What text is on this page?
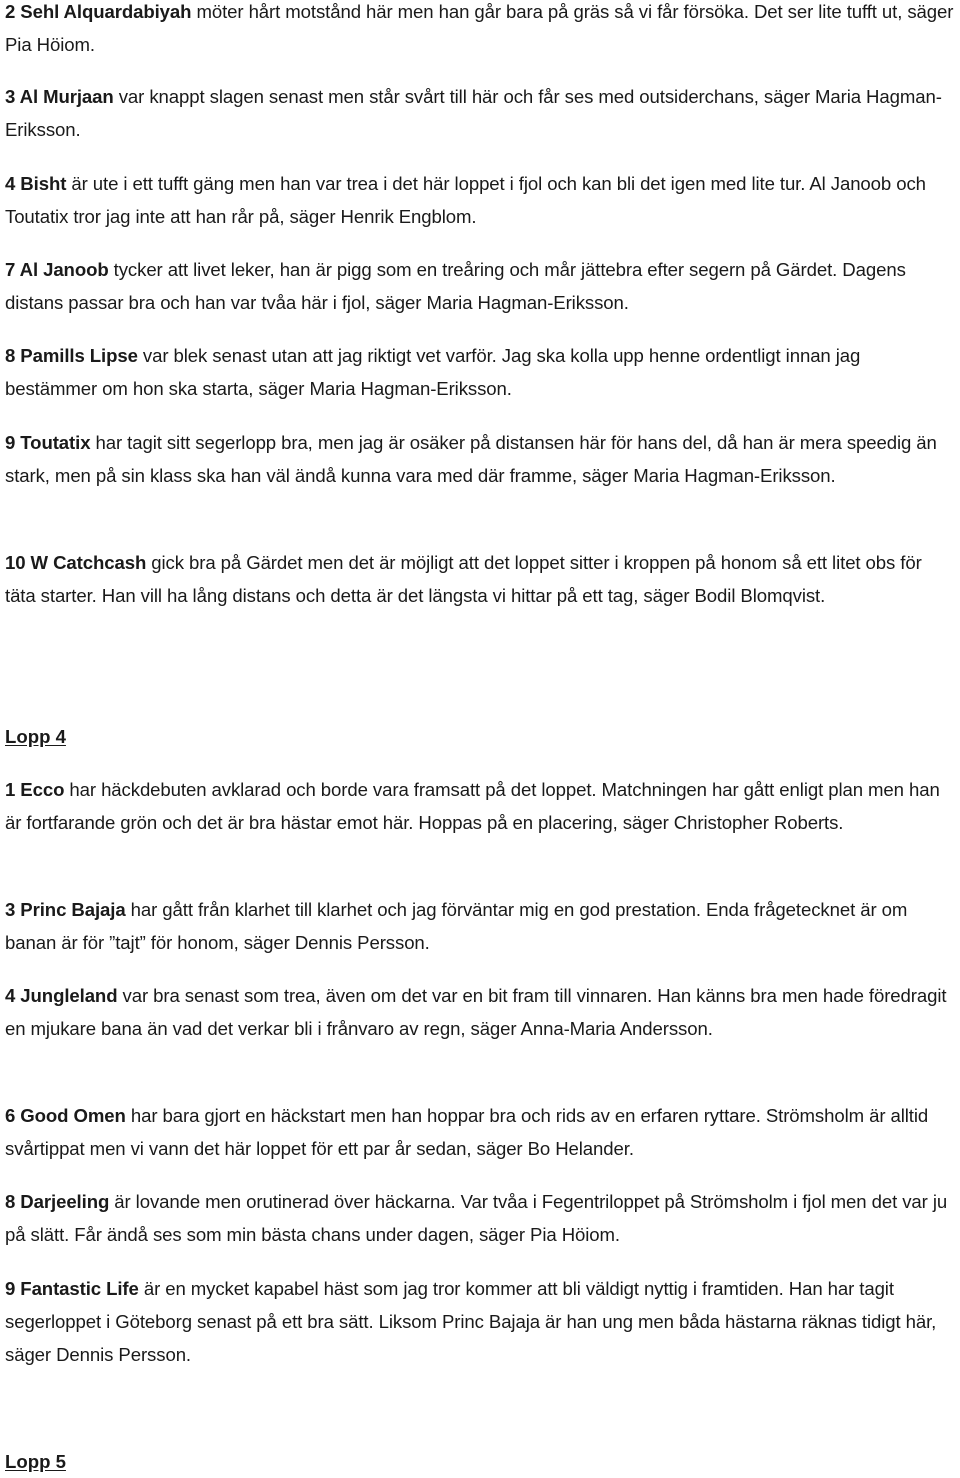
2 Sehl Alquardabiyah möter hårt motstånd här men han går bara på gräs så vi får försöka. Det ser lite tufft ut, säger Pia Höiom.

3 Al Murjaan var knappt slagen senast men står svårt till här och får ses med outsiderchans, säger Maria Hagman-Eriksson.

4 Bisht är ute i ett tufft gäng men han var trea i det här loppet i fjol och kan bli det igen med lite tur. Al Janoob och Toutatix tror jag inte att han rår på, säger Henrik Engblom.

7 Al Janoob tycker att livet leker, han är pigg som en treåring och mår jättebra efter segern på Gärdet. Dagens distans passar bra och han var tvåa här i fjol, säger Maria Hagman-Eriksson.

8 Pamills Lipse var blek senast utan att jag riktigt vet varför. Jag ska kolla upp henne ordentligt innan jag bestämmer om hon ska starta, säger Maria Hagman-Eriksson.

9 Toutatix har tagit sitt segerlopp bra, men jag är osäker på distansen här för hans del, då han är mera speedig än stark, men på sin klass ska han väl ändå kunna vara med där framme, säger Maria Hagman-Eriksson.

10 W Catchcash gick bra på Gärdet men det är möjligt att det loppet sitter i kroppen på honom så ett litet obs för täta starter. Han vill ha lång distans och detta är det längsta vi hittar på ett tag, säger Bodil Blomqvist.

Lopp 4

1 Ecco har häckdebuten avklarad och borde vara framsatt på det loppet. Matchningen har gått enligt plan men han är fortfarande grön och det är bra hästar emot här. Hoppas på en placering, säger Christopher Roberts.

3 Princ Bajaja har gått från klarhet till klarhet och jag förväntar mig en god prestation. Enda frågetecknet är om banan är för ”tajt” för honom, säger Dennis Persson.

4 Jungleland var bra senast som trea, även om det var en bit fram till vinnaren. Han känns bra men hade föredragit en mjukare bana än vad det verkar bli i frånvaro av regn, säger Anna-Maria Andersson.

6 Good Omen har bara gjort en häckstart men han hoppar bra och rids av en erfaren ryttare. Strömsholm är alltid svårtippat men vi vann det här loppet för ett par år sedan, säger Bo Helander.

8 Darjeeling är lovande men orutinerad över häckarna. Var tvåa i Fegentriloppet på Strömsholm i fjol men det var ju på slätt. Får ändå ses som min bästa chans under dagen, säger Pia Höiom.

9 Fantastic Life är en mycket kapabel häst som jag tror kommer att bli väldigt nyttig i framtiden. Han har tagit segerloppet i Göteborg senast på ett bra sätt. Liksom Princ Bajaja är han ung men båda hästarna räknas tidigt här, säger Dennis Persson.

Lopp 5
